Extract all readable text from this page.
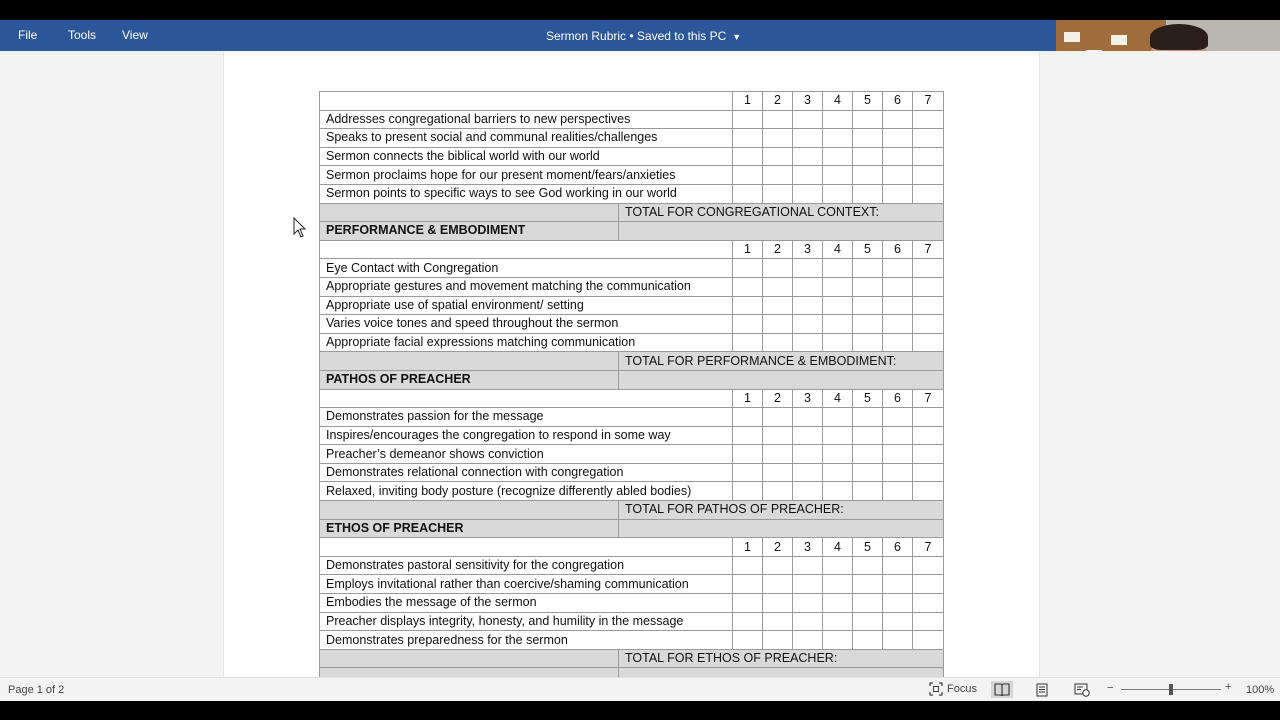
File	Tools View	Sermon Rubric • Saved to this PC ▼
		1	2	3	4	5	6	7
Addresses congregational barriers to new perspectives								
Speaks to present social and communal realities/challenges								
Sermon connects the biblical world with our world								
Sermon proclaims hope for our present moment/fears/anxieties								
Sermon points to specific ways to see God working in our world								
	TOTAL FOR CONGREGATIONAL CONTEXT:							
PERFORMANCE & EMBODIMENT								
		1	2	3	4	5	6	7
Eye Contact with Congregation								
Appropriate gestures and movement matching the communication								
Appropriate use of spatial environment/ setting								
Varies voice tones and speed throughout the sermon								
Appropriate facial expressions matching communication								
	TOTAL FOR PERFORMANCE & EMBODIMENT:							
PATHOS OF PREACHER								
		1	2	3	4	5	6	7
Demonstrates passion for the message								
Inspires/encourages the congregation to respond in some way								
Preacher’s demeanor shows conviction								
Demonstrates relational connection with congregation								
Relaxed, inviting body posture (recognize differently abled bodies)								
	TOTAL FOR PATHOS OF PREACHER:							
ETHOS OF PREACHER								
		1	2	3	4	5	6	7
Demonstrates pastoral sensitivity for the congregation								
Employs invitational rather than coercive/shaming communication								
Embodies the message of the sermon								
Preacher displays integrity, honesty, and humility in the message								
Demonstrates preparedness for the sermon								
	TOTAL FOR ETHOS OF PREACHER:							

Page 1 of 2	Focus	−	+ 100%
